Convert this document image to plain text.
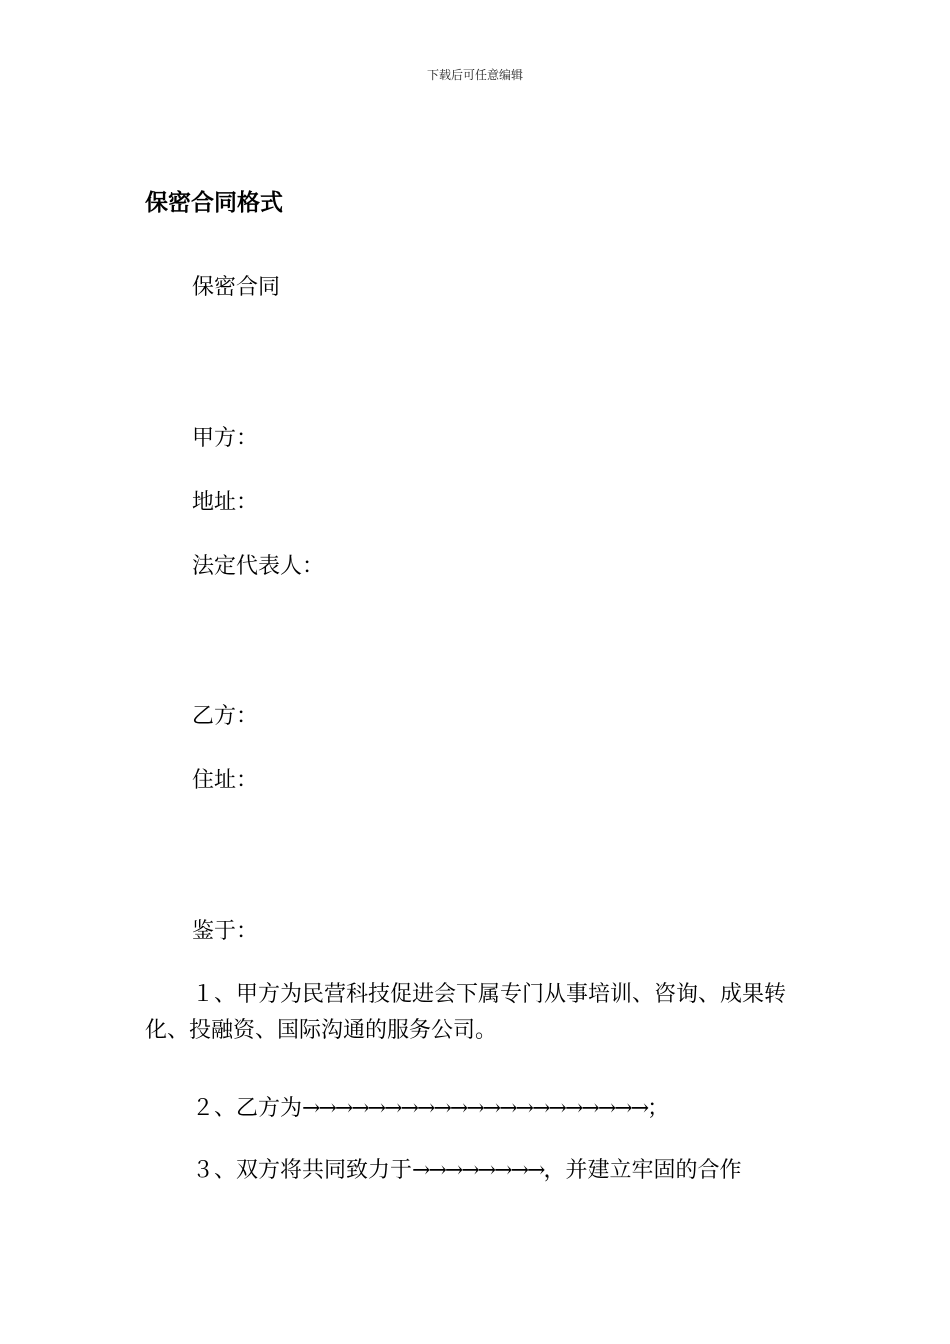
下载后可任意编辑
保密合同格式
保密合同
甲方：
地址：
法定代表人：
乙方：
住址：
鉴于：
１、甲方为民营科技促进会下属专门从事培训、咨询、成果转化、投融资、国际沟通的服务公司。
２、乙方为→→→→→→→→→→→→→→→→→→→→→；
３、双方将共同致力于→→→→→→→→，并建立牢固的合作
